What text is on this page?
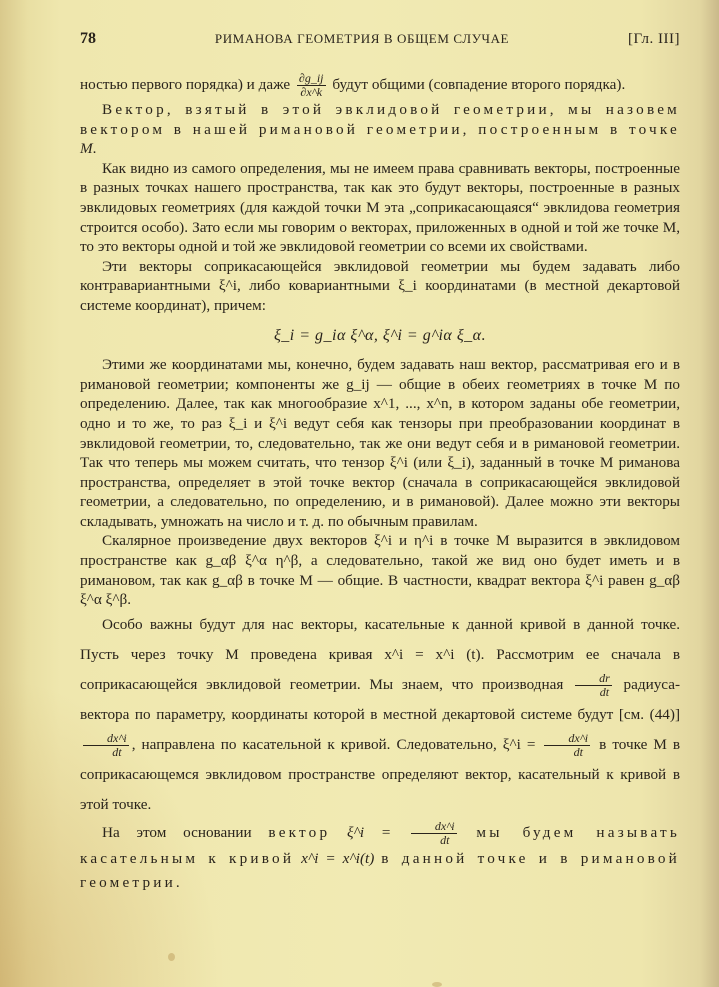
78	РИМАНОВА ГЕОМЕТРИЯ В ОБЩЕМ СЛУЧАЕ	[Гл. III]

ностью первого порядка) и даже $\frac{\partial g\_ij}{\partial x\^{}k}$ будут общими (совпадение второго порядка).

Вектор, взятый в этой эвклидовой геометрии, мы назовем вектором в нашей римановой геометрии, построенным в точке M.

Как видно из самого определения, мы не имеем права сравнивать векторы, построенные в разных точках нашего пространства, так как это будут векторы, построенные в разных эвклидовых геометриях (для каждой точки M эта „соприкасающаяся“ эвклидова геометрия строится особо). Зато если мы говорим о векторах, приложенных в одной и той же точке M, то это векторы одной и той же эвклидовой геометрии со всеми их свойствами.

Эти векторы соприкасающейся эвклидовой геометрии мы будем задавать либо контравариантными ξ^i, либо ковариантными ξ_i координатами (в местной декартовой системе координат), причем:

ξ_i = g_iα ξ^α, ξ^i = g^iα ξ_α.

Этими же координатами мы, конечно, будем задавать наш вектор, рассматривая его и в римановой геометрии; компоненты же g_ij — общие в обеих геометриях в точке M по определению. Далее, так как многообразие x^1, ..., x^n, в котором заданы обе геометрии, одно и то же, то раз ξ_i и ξ^i ведут себя как тензоры при преобразовании координат в эвклидовой геометрии, то, следовательно, так же они ведут себя и в римановой геометрии. Так что теперь мы можем считать, что тензор ξ^i (или ξ_i), заданный в точке M риманова пространства, определяет в этой точке вектор (сначала в соприкасающейся эвклидовой геометрии, а следовательно, по определению, и в римановой). Далее можно эти векторы складывать, умножать на число и т. д. по обычным правилам.

Скалярное произведение двух векторов ξ^i и η^i в точке M выразится в эвклидовом пространстве как g_αβ ξ^α η^β, а следовательно, такой же вид оно будет иметь и в римановом, так как g_αβ в точке M — общие. В частности, квадрат вектора ξ^i равен g_αβ ξ^α ξ^β.

Особо важны будут для нас векторы, касательные к данной кривой в данной точке. Пусть через точку M проведена кривая x^i = x^i (t). Рассмотрим ее сначала в соприкасающейся эвклидовой геометрии. Мы знаем, что производная $\frac{dr}{dt}$ радиуса-вектора по параметру, координаты которой в местной декартовой системе будут [см. (44)]
$\frac{dx\^{}i}{dt}$ , направлена по касательной к кривой. Следовательно, ξ^i = $\frac{dx\^{}i}{dt}$ в точке M в соприкасающемся эвклидовом пространстве определяют вектор, касательный к кривой в этой точке.

На этом основании вектор ξ^i = $\frac{dx\^{}i}{dt}$ мы будем называть касательным к кривой x^i = x^i(t) в данной точке и в римановой геометрии.
